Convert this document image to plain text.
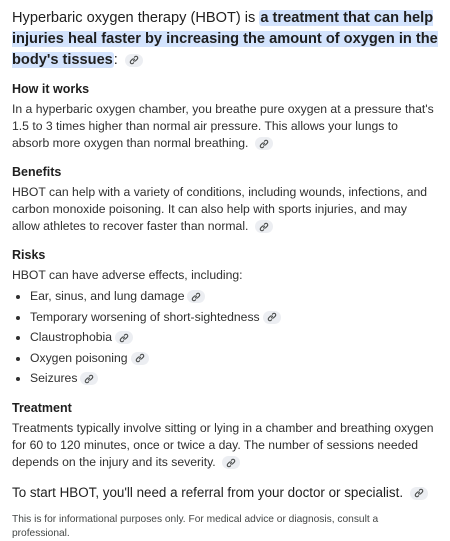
Hyperbaric oxygen therapy (HBOT) is a treatment that can help injuries heal faster by increasing the amount of oxygen in the body's tissues:

How it works

In a hyperbaric oxygen chamber, you breathe pure oxygen at a pressure that's 1.5 to 3 times higher than normal air pressure. This allows your lungs to absorb more oxygen than normal breathing.

Benefits

HBOT can help with a variety of conditions, including wounds, infections, and carbon monoxide poisoning. It can also help with sports injuries, and may allow athletes to recover faster than normal.

Risks

HBOT can have adverse effects, including:

• Ear, sinus, and lung damage
• Temporary worsening of short-sightedness
• Claustrophobia
• Oxygen poisoning
• Seizures
Treatment

Treatments typically involve sitting or lying in a chamber and breathing oxygen for 60 to 120 minutes, once or twice a day. The number of sessions needed depends on the injury and its severity.

To start HBOT, you'll need a referral from your doctor or specialist.

This is for informational purposes only. For medical advice or diagnosis, consult a professional.
